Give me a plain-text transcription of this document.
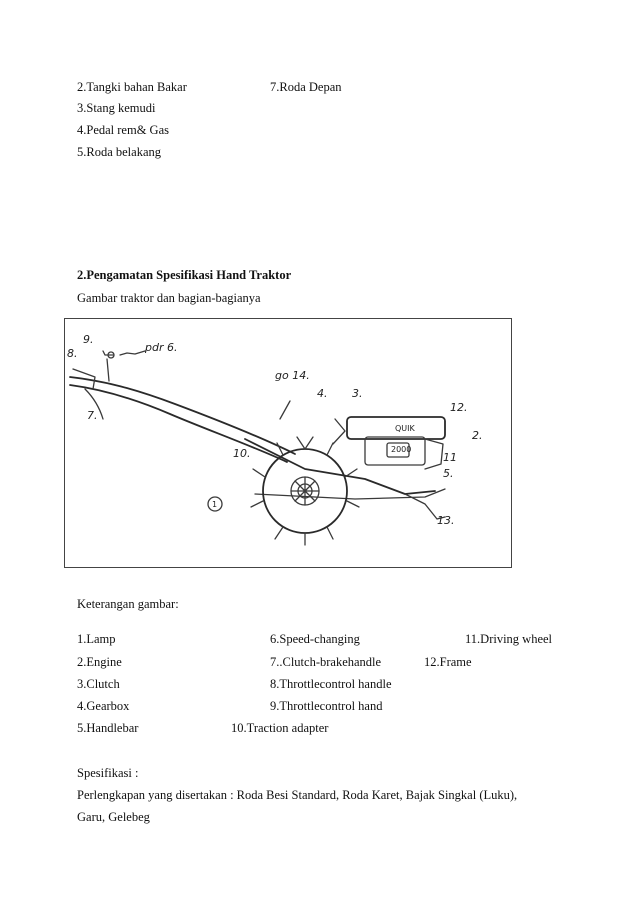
2.Tangki bahan Bakar	7.Roda Depan
3.Stang kemudi
4.Pedal rem& Gas
5.Roda belakang
2.Pengamatan Spesifikasi Hand Traktor
Gambar traktor dan bagian-bagianya
8.
9.
pdr 6.
go 14.
3.
4.
12.
2.
QUIK
2000
11
5.
10.
1
7.
13.
Keterangan gambar:
1.Lamp	6.Speed-changing	11.Driving wheel
2.Engine	7..Clutch-brakehandle	12.Frame
3.Clutch	8.Throttlecontrol handle
4.Gearbox	9.Throttlecontrol hand
5.Handlebar	10.Traction adapter
Spesifikasi :
Perlengkapan yang disertakan : Roda Besi Standard, Roda Karet, Bajak Singkal (Luku),
Garu, Gelebeg
